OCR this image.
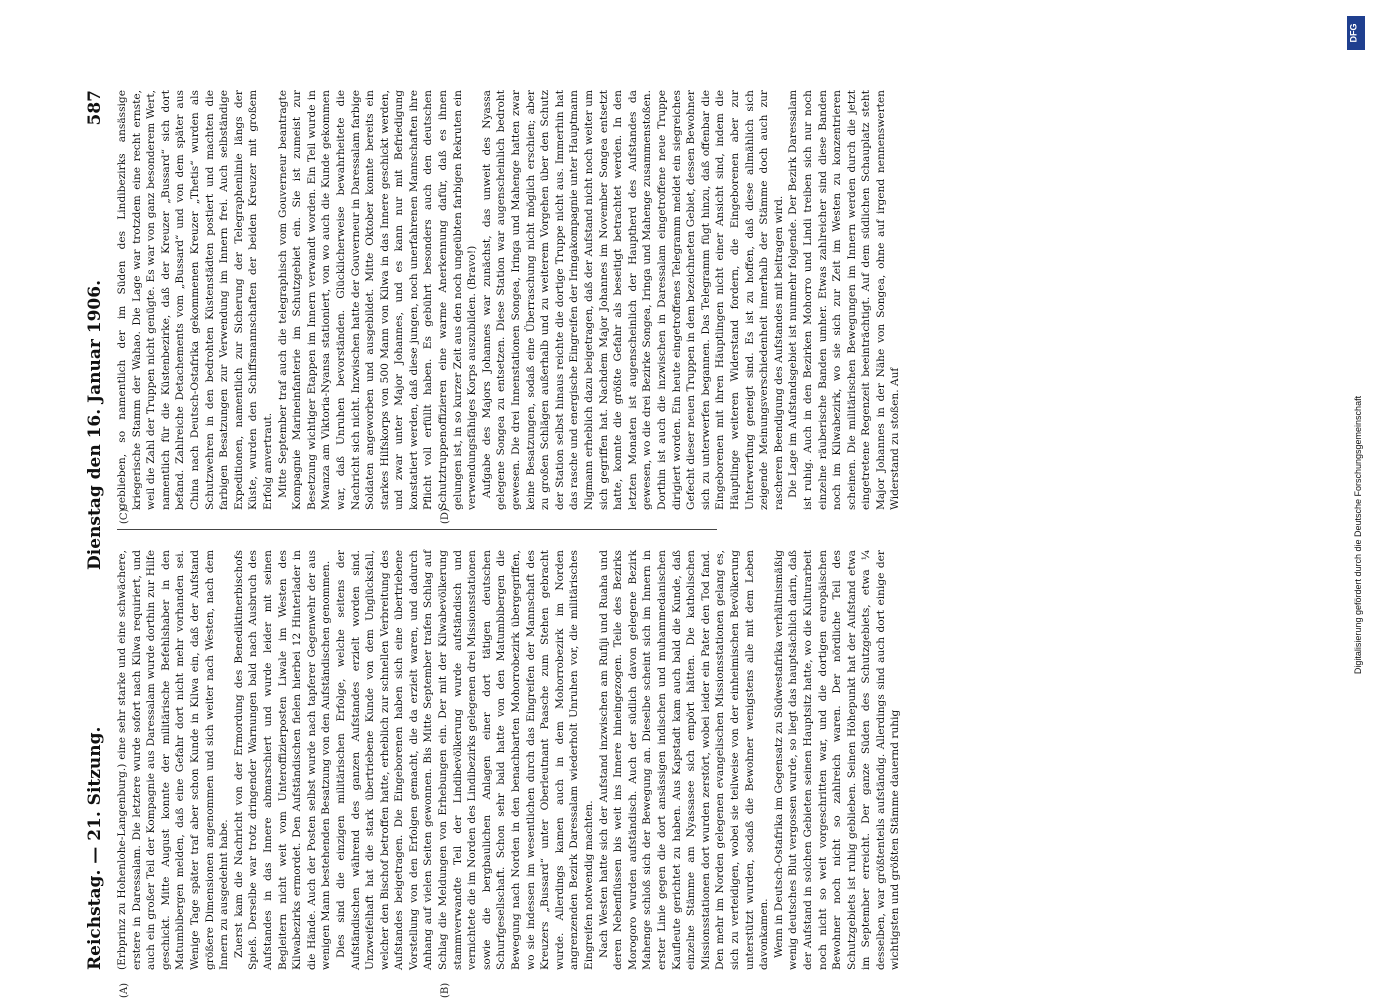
Reichstag. — 21. Sitzung.
Dienstag den 16. Januar 1906.
587

(Erbprinz zu Hohenlohe-Langenburg.) eine sehr starke und eine schwächere, erstere in Daressalam. Die letztere wurde sofort nach Kilwa requiriert, und auch ein großer Teil der Kompagnie aus Daressalam wurde dorthin zur Hilfe geschickt. Mitte August konnte der militärische Befehlshaber in den Matumbibergen melden, daß eine Gefahr dort nicht mehr vorhanden sei. Wenige Tage später traf aber schon Kunde in Kilwa ein, daß der Aufstand größere Dimensionen angenommen und sich weiter nach Westen, nach dem Innern zu ausgedehnt habe. Zuerst kam die Nachricht von der Ermordung des Benediktinerbischofs Spieß. Derselbe war trotz dringender Warnungen bald nach Ausbruch des Aufstandes in das Innere abmarschiert und wurde leider mit seinen Begleitern nicht weit vom Unteroffizierposten Liwale im Westen des Kilwabezirks ermordet. Den Aufständischen fielen hierbei 12 Hinterlader in die Hände. Auch der Posten selbst wurde nach tapferer Gegenwehr der aus wenigen Mann bestehenden Besatzung von den Aufständischen genommen. Dies sind die einzigen militärischen Erfolge, welche seitens der Aufständischen während des ganzen Aufstandes erzielt worden sind. Unzweifelhaft hat die stark übertriebene Kunde von dem Unglücksfall, welcher den Bischof betroffen hatte, erheblich zur schnellen Verbreitung des Aufstandes beigetragen. Die Eingeborenen haben sich eine übertriebene Vorstellung von den Erfolgen gemacht, die da erzielt waren, und dadurch Anhang auf vielen Seiten gewonnen. Bis Mitte September trafen Schlag auf Schlag die Meldungen von Erhebungen ein. Der mit der Kilwabevölkerung stammverwandte Teil der Lindibevölkerung wurde aufständisch und vernichtete die im Norden des Lindibezirks gelegenen drei Missionsstationen sowie die bergbaulichen Anlagen einer dort tätigen deutschen Schurfgesellschaft. Schon sehr bald hatte von den Matumbibergen die Bewegung nach Norden in den benachbarten Mohorrobezirk übergegriffen, wo sie indessen im wesentlichen durch das Eingreifen der Mannschaft des Kreuzers „Bussard“ unter Oberleutnant Paasche zum Stehen gebracht wurde. Allerdings kamen auch in dem Mohorrobezirk im Norden angrenzenden Bezirk Daressalam wiederholt Unruhen vor, die militärisches Eingreifen notwendig machten. Nach Westen hatte sich der Aufstand inzwischen am Rufiji und Ruaha und deren Nebenflüssen bis weit ins Innere hineingezogen. Teile des Bezirks Morogoro wurden aufständisch. Auch der südlich davon gelegene Bezirk Mahenge schloß sich der Bewegung an. Dieselbe scheint sich im Innern in erster Linie gegen die dort ansässigen indischen und muhammedanischen Kaufleute gerichtet zu haben. Aus Kapstadt kam auch bald die Kunde, daß einzelne Stämme am Nyassasee sich empört hätten. Die katholischen Missionsstationen dort wurden zerstört, wobei leider ein Pater den Tod fand. Den mehr im Norden gelegenen evangelischen Missionsstationen gelang es, sich zu verteidigen, wobei sie teilweise von der einheimischen Bevölkerung unterstützt wurden, sodaß die Bewohner wenigstens alle mit dem Leben davonkamen. Wenn in Deutsch-Ostafrika im Gegensatz zu Südwestafrika verhältnismäßig wenig deutsches Blut vergossen wurde, so liegt das hauptsächlich darin, daß der Aufstand in solchen Gebieten seinen Hauptsitz hatte, wo die Kulturarbeit noch nicht so weit vorgeschritten war, und die dortigen europäischen Bewohner noch nicht so zahlreich waren. Der nördliche Teil des Schutzgebiets ist ruhig geblieben. Seinen Höhepunkt hat der Aufstand etwa im September erreicht. Der ganze Süden des Schutzgebiets, etwa ¼ desselben, war größtenteils aufständig. Allerdings sind auch dort einige der wichtigsten und größten Stämme dauernd ruhig

geblieben, so namentlich der im Süden des Lindibezirks ansässige kriegerische Stamm der Wahao. Die Lage war trotzdem eine recht ernste, weil die Zahl der Truppen nicht genügte. Es war von ganz besonderem Wert, namentlich für die Küstenbezirke, daß der Kreuzer „Bussard“ sich dort befand. Zahlreiche Detachements vom „Bussard“ und von dem später aus China nach Deutsch-Ostafrika gekommenen Kreuzer „Thetis“ wurden als Schutzwehren in den bedrohten Küstenstädten postiert und machten die farbigen Besatzungen zur Verwendung im Innern frei. Auch selbständige Expeditionen, namentlich zur Sicherung der Telegraphenlinie längs der Küste, wurden den Schiffsmannschaften der beiden Kreuzer mit großem Erfolg anvertraut. Mitte September traf auch die telegraphisch vom Gouverneur beantragte Kompagnie Marineinfanterie im Schutzgebiet ein. Sie ist zumeist zur Besetzung wichtiger Etappen im Innern verwandt worden. Ein Teil wurde in Mwanza am Viktoria-Nyansa stationiert, von wo auch die Kunde gekommen war, daß Unruhen bevorständen. Glücklicherweise bewahrheitete die Nachricht sich nicht. Inzwischen hatte der Gouverneur in Daressalam farbige Soldaten angeworben und ausgebildet. Mitte Oktober konnte bereits ein starkes Hilfskorps von 500 Mann von Kilwa in das Innere geschickt werden, und zwar unter Major Johannes, und es kann nur mit Befriedigung konstatiert werden, daß diese jungen, noch unerfahrenen Mannschaften ihre Pflicht voll erfüllt haben. Es gebührt besonders auch den deutschen Schutztruppenoffizieren eine warme Anerkennung dafür, daß es ihnen gelungen ist, in so kurzer Zeit aus den noch ungeübten farbigen Rekruten ein verwendungsfähiges Korps auszubilden. (Bravo!) Aufgabe des Majors Johannes war zunächst, das unweit des Nyassa gelegene Songea zu entsetzen. Diese Station war augenscheinlich bedroht gewesen. Die drei Innenstationen Songea, Iringa und Mahenge hatten zwar keine Besatzungen, sodaß eine Überraschung nicht möglich erschien; aber zu großen Schlägen außerhalb und zu weiterem Vorgehen über den Schutz der Station selbst hinaus reichte die dortige Truppe nicht aus. Immerhin hat das rasche und energische Eingreifen der Iringakompagnie unter Hauptmann Nigmann erheblich dazu beigetragen, daß der Aufstand nicht noch weiter um sich gegriffen hat. Nachdem Major Johannes im November Songea entsetzt hatte, konnte die größte Gefahr als beseitigt betrachtet werden. In den letzten Monaten ist augenscheinlich der Hauptherd des Aufstandes da gewesen, wo die drei Bezirke Songea, Iringa und Mahenge zusammenstoßen. Dorthin ist auch die inzwischen in Daressalam eingetroffene neue Truppe dirigiert worden. Ein heute eingetroffenes Telegramm meldet ein siegreiches Gefecht dieser neuen Truppen in dem bezeichneten Gebiet, dessen Bewohner sich zu unterwerfen begannen. Das Telegramm fügt hinzu, daß offenbar die Eingeborenen mit ihren Häuptlingen nicht einer Ansicht sind, indem die Häuptlinge weiteren Widerstand fordern, die Eingeborenen aber zur Unterwerfung geneigt sind. Es ist zu hoffen, daß diese allmählich sich zeigende Meinungsverschiedenheit innerhalb der Stämme doch auch zur rascheren Beendigung des Aufstandes mit beitragen wird. Die Lage im Aufstandsgebiet ist nunmehr folgende. Der Bezirk Daressalam ist ruhig. Auch in den Bezirken Mohorro und Lindi treiben sich nur noch einzelne räuberische Banden umher. Etwas zahlreicher sind diese Banden noch im Kilwabezirk, wo sie sich zur Zeit im Westen zu konzentrieren scheinen. Die militärischen Bewegungen im Innern werden durch die jetzt eingetretene Regenzeit beeinträchtigt. Auf dem südlichen Schauplatz steht Major Johannes in der Nähe von Songea, ohne auf irgend nennenswerten Widerstand zu stoßen. Auf

(A)	(B)
(C)	(D)
DFG
Digitalisierung gefördert durch die Deutsche Forschungsgemeinschaft
